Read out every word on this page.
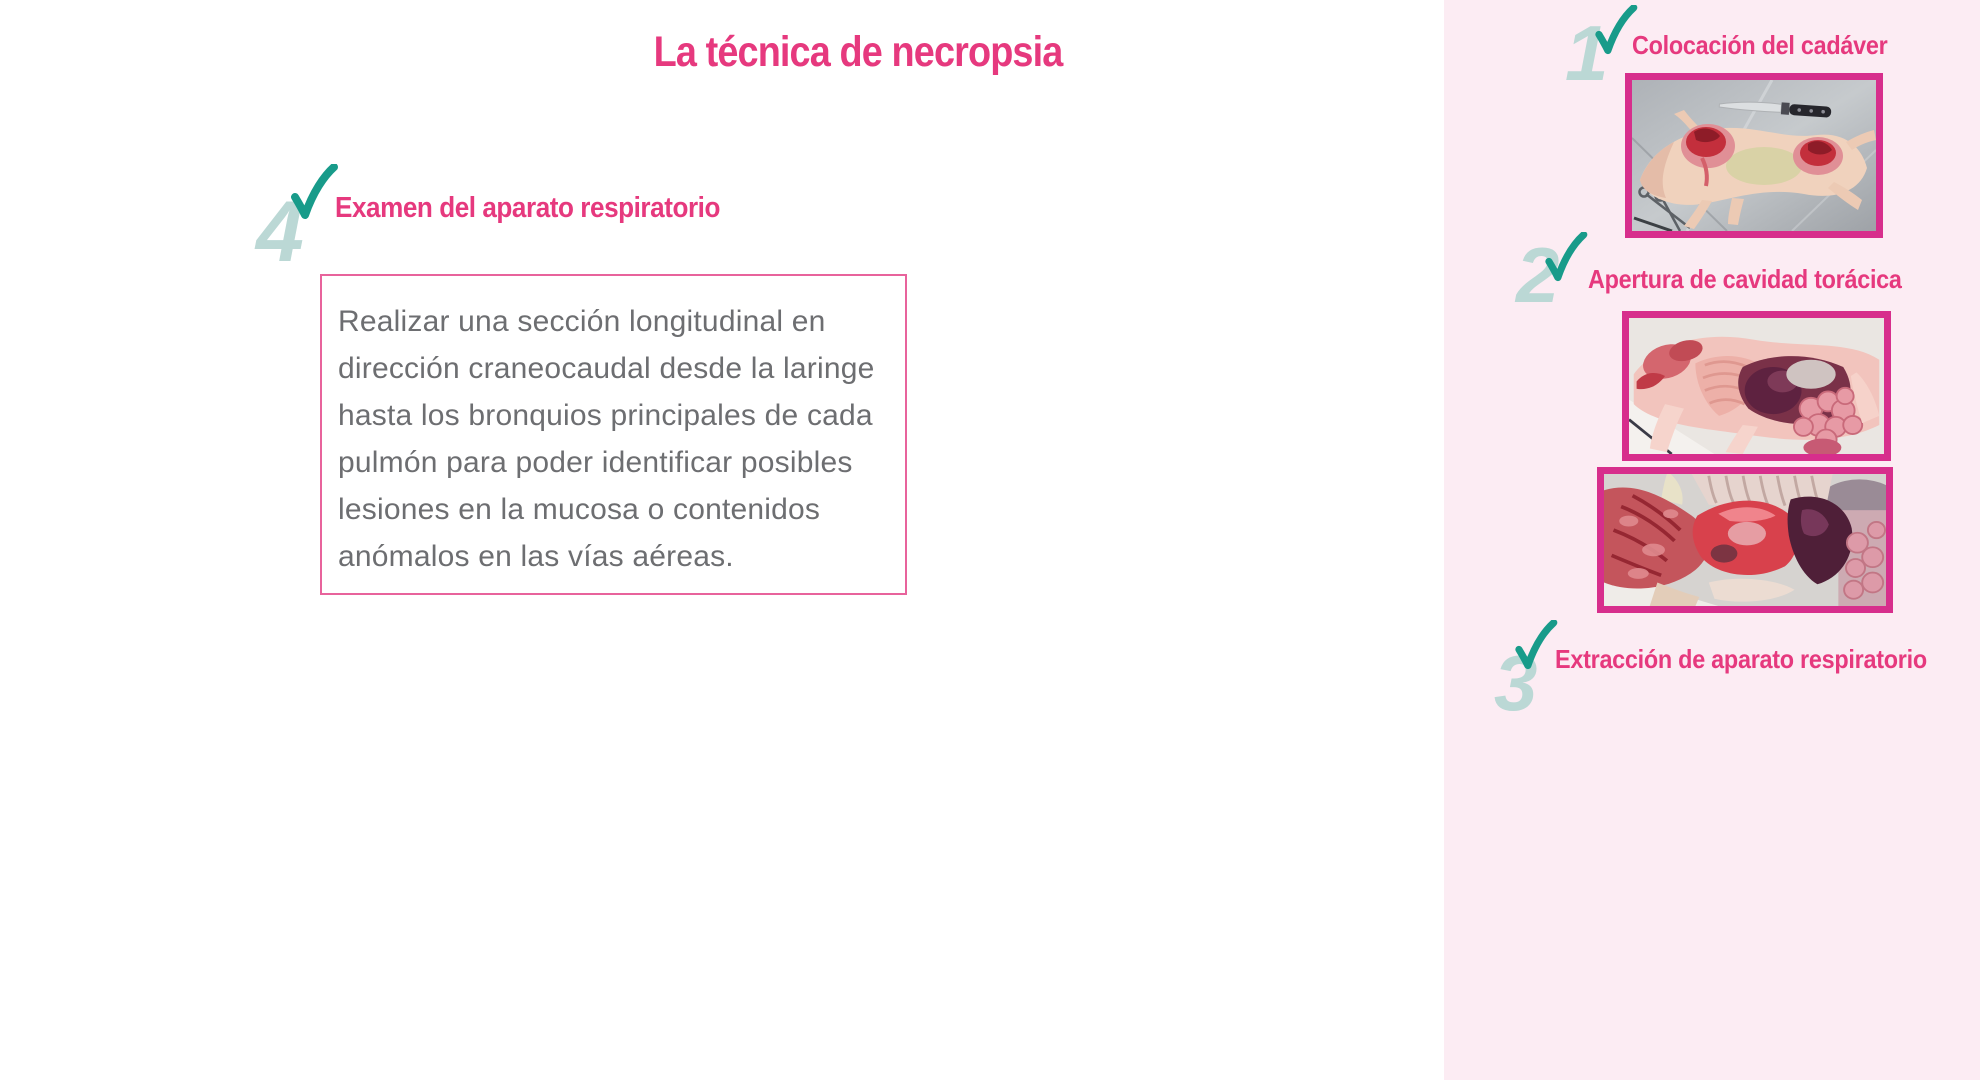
La técnica de necropsia
4 Examen del aparato respiratorio
Realizar una sección longitudinal en
dirección craneocaudal desde la laringe
hasta los bronquios principales de cada
pulmón para poder identificar posibles
lesiones en la mucosa o contenidos
anómalos en las vías aéreas.
1 Colocación del cadáver
2 Apertura de cavidad torácica
3 Extracción de aparato respiratorio
